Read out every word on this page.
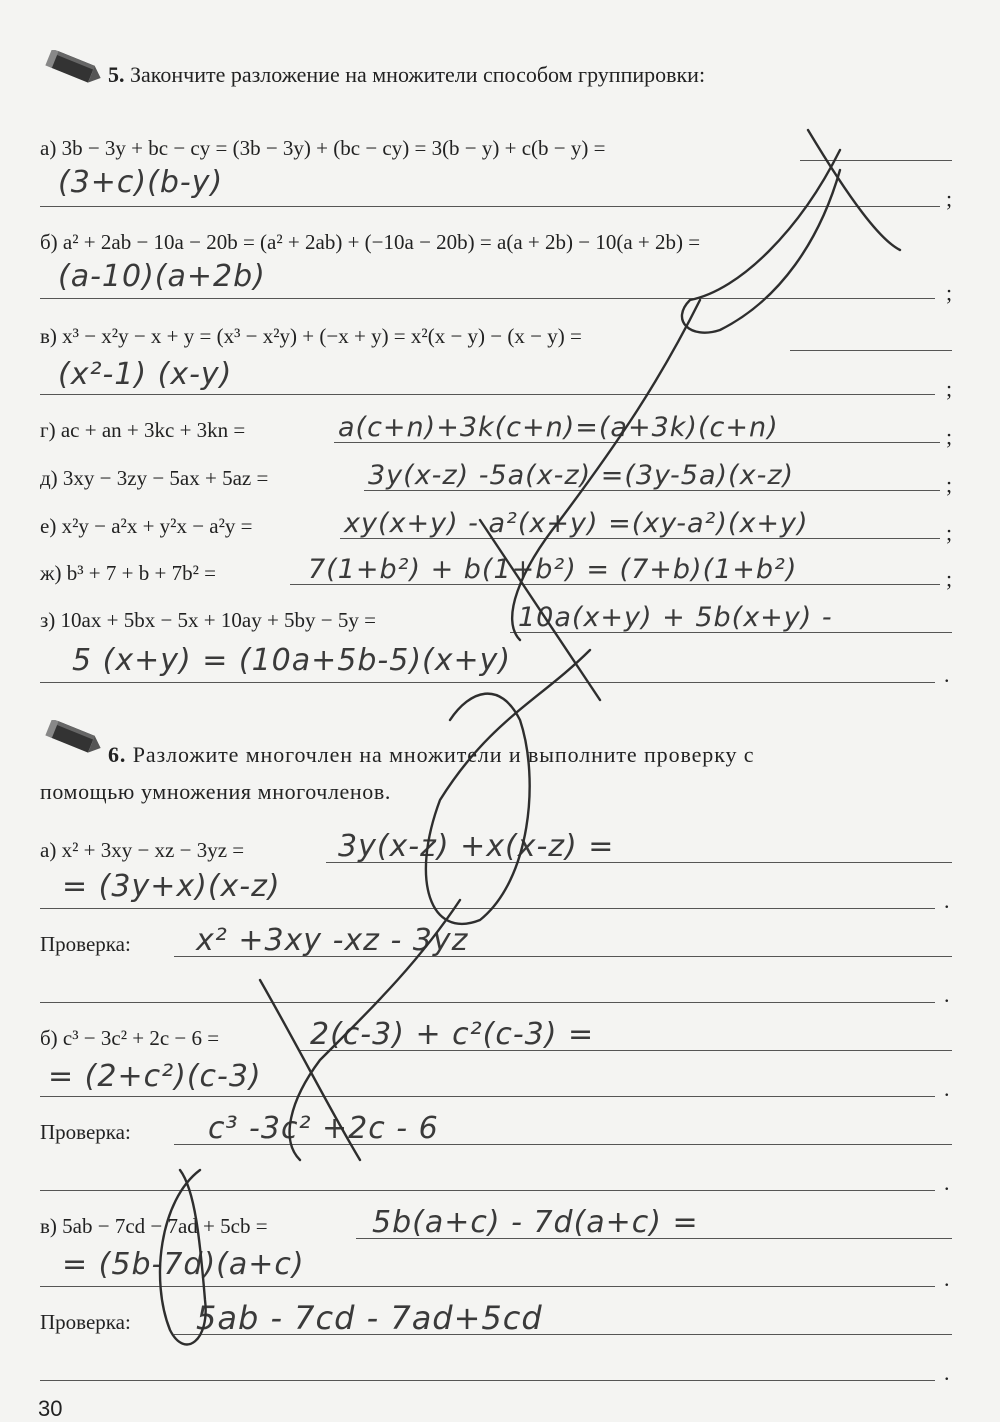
5. Закончите разложение на множители способом группировки:
а) 3b − 3y + bc − cy = (3b − 3y) + (bc − cy) = 3(b − y) + c(b − y) =
(3+c)(b-y)	;
б) a² + 2ab − 10a − 20b = (a² + 2ab) + (−10a − 20b) = a(a + 2b) − 10(a + 2b) =
(a-10)(a+2b)	;
в) x³ − x²y − x + y = (x³ − x²y) + (−x + y) = x²(x − y) − (x − y) =
(x²-1) (x-y)	;
г) ac + an + 3kc + 3kn =	a(c+n)+3k(c+n)=(a+3k)(c+n)	;
д) 3xy − 3zy − 5ax + 5az =	3y(x-z) -5a(x-z) =(3y-5a)(x-z)	;
е) x²y − a²x + y²x − a²y =	xy(x+y) - a²(x+y) =(xy-a²)(x+y)	;
ж) b³ + 7 + b + 7b² =	7(1+b²) + b(1+b²) = (7+b)(1+b²)	;
з) 10ax + 5bx − 5x + 10ay + 5by − 5y =	10a(x+y) + 5b(x+y) -
5 (x+y) = (10a+5b-5)(x+y)	.
6. Разложите многочлен на множители и выполните проверку с
помощью умножения многочленов.
а) x² + 3xy − xz − 3yz =	3y(x-z) +x(x-z) =
= (3y+x)(x-z)	.
Проверка: x² +3xy -xz - 3yz
.
б) c³ − 3c² + 2c − 6 =	2(c-3) + c²(c-3) =
= (2+c²)(c-3)	.
Проверка:	c³ -3c² +2c - 6
.
в) 5ab − 7cd − 7ad + 5cb =	5b(a+c) - 7d(a+c) =
= (5b-7d)(a+c)	.
Проверка: 5ab - 7cd - 7ad+5cd
.
30
